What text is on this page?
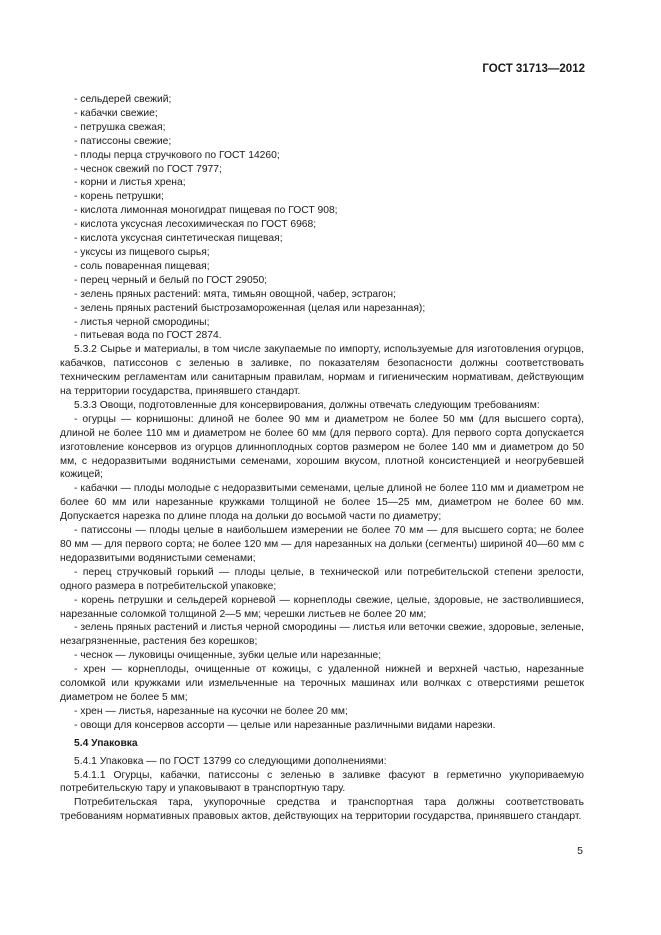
ГОСТ 31713—2012
- сельдерей свежий;
- кабачки свежие;
- петрушка свежая;
- патиссоны свежие;
- плоды перца стручкового по ГОСТ 14260;
- чеснок свежий по ГОСТ 7977;
- корни и листья хрена;
- корень петрушки;
- кислота лимонная моногидрат пищевая по ГОСТ 908;
- кислота уксусная лесохимическая по ГОСТ 6968;
- кислота уксусная синтетическая пищевая;
- уксусы из пищевого сырья;
- соль поваренная пищевая;
- перец черный и белый по ГОСТ 29050;
- зелень пряных растений: мята, тимьян овощной, чабер, эстрагон;
- зелень пряных растений быстрозамороженная (целая или нарезанная);
- листья черной смородины;
- питьевая вода по ГОСТ 2874.
5.3.2 Сырье и материалы, в том числе закупаемые по импорту, используемые для изготовления огурцов, кабачков, патиссонов с зеленью в заливке, по показателям безопасности должны соответствовать техническим регламентам или санитарным правилам, нормам и гигиеническим нормативам, действующим на территории государства, принявшего стандарт.
5.3.3 Овощи, подготовленные для консервирования, должны отвечать следующим требованиям:
- огурцы — корнишоны: длиной не более 90 мм и диаметром не более 50 мм (для высшего сорта), длиной не более 110 мм и диаметром не более 60 мм (для первого сорта). Для первого сорта допускается изготовление консервов из огурцов длинноплодных сортов размером не более 140 мм и диаметром до 50 мм, с недоразвитыми водянистыми семенами, хорошим вкусом, плотной консистенцией и неогрубевшей кожицей;
- кабачки — плоды молодые с недоразвитыми семенами, целые длиной не более 110 мм и диаметром не более 60 мм или нарезанные кружками толщиной не более 15—25 мм, диаметром не более 60 мм. Допускается нарезка по длине плода на дольки до восьмой части по диаметру;
- патиссоны — плоды целые в наибольшем измерении не более 70 мм — для высшего сорта; не более 80 мм — для первого сорта; не более 120 мм — для нарезанных на дольки (сегменты) шириной 40—60 мм с недоразвитыми водянистыми семенами;
- перец стручковый горький — плоды целые, в технической или потребительской степени зрелости, одного размера в потребительской упаковке;
- корень петрушки и сельдерей корневой — корнеплоды свежие, целые, здоровые, не застволившиеся, нарезанные соломкой толщиной 2—5 мм; черешки листьев не более 20 мм;
- зелень пряных растений и листья черной смородины — листья или веточки свежие, здоровые, зеленые, незагрязненные, растения без корешков;
- чеснок — луковицы очищенные, зубки целые или нарезанные;
- хрен — корнеплоды, очищенные от кожицы, с удаленной нижней и верхней частью, нарезанные соломкой или кружками или измельченные на терочных машинах или волчках с отверстиями решеток диаметром не более 5 мм;
- хрен — листья, нарезанные на кусочки не более 20 мм;
- овощи для консервов ассорти — целые или нарезанные различными видами нарезки.
5.4 Упаковка
5.4.1 Упаковка — по ГОСТ 13799 со следующими дополнениями:
5.4.1.1 Огурцы, кабачки, патиссоны с зеленью в заливке фасуют в герметично укупориваемую потребительскую тару и упаковывают в транспортную тару.
Потребительская тара, укупорочные средства и транспортная тара должны соответствовать требованиям нормативных правовых актов, действующих на территории государства, принявшего стандарт.
5
